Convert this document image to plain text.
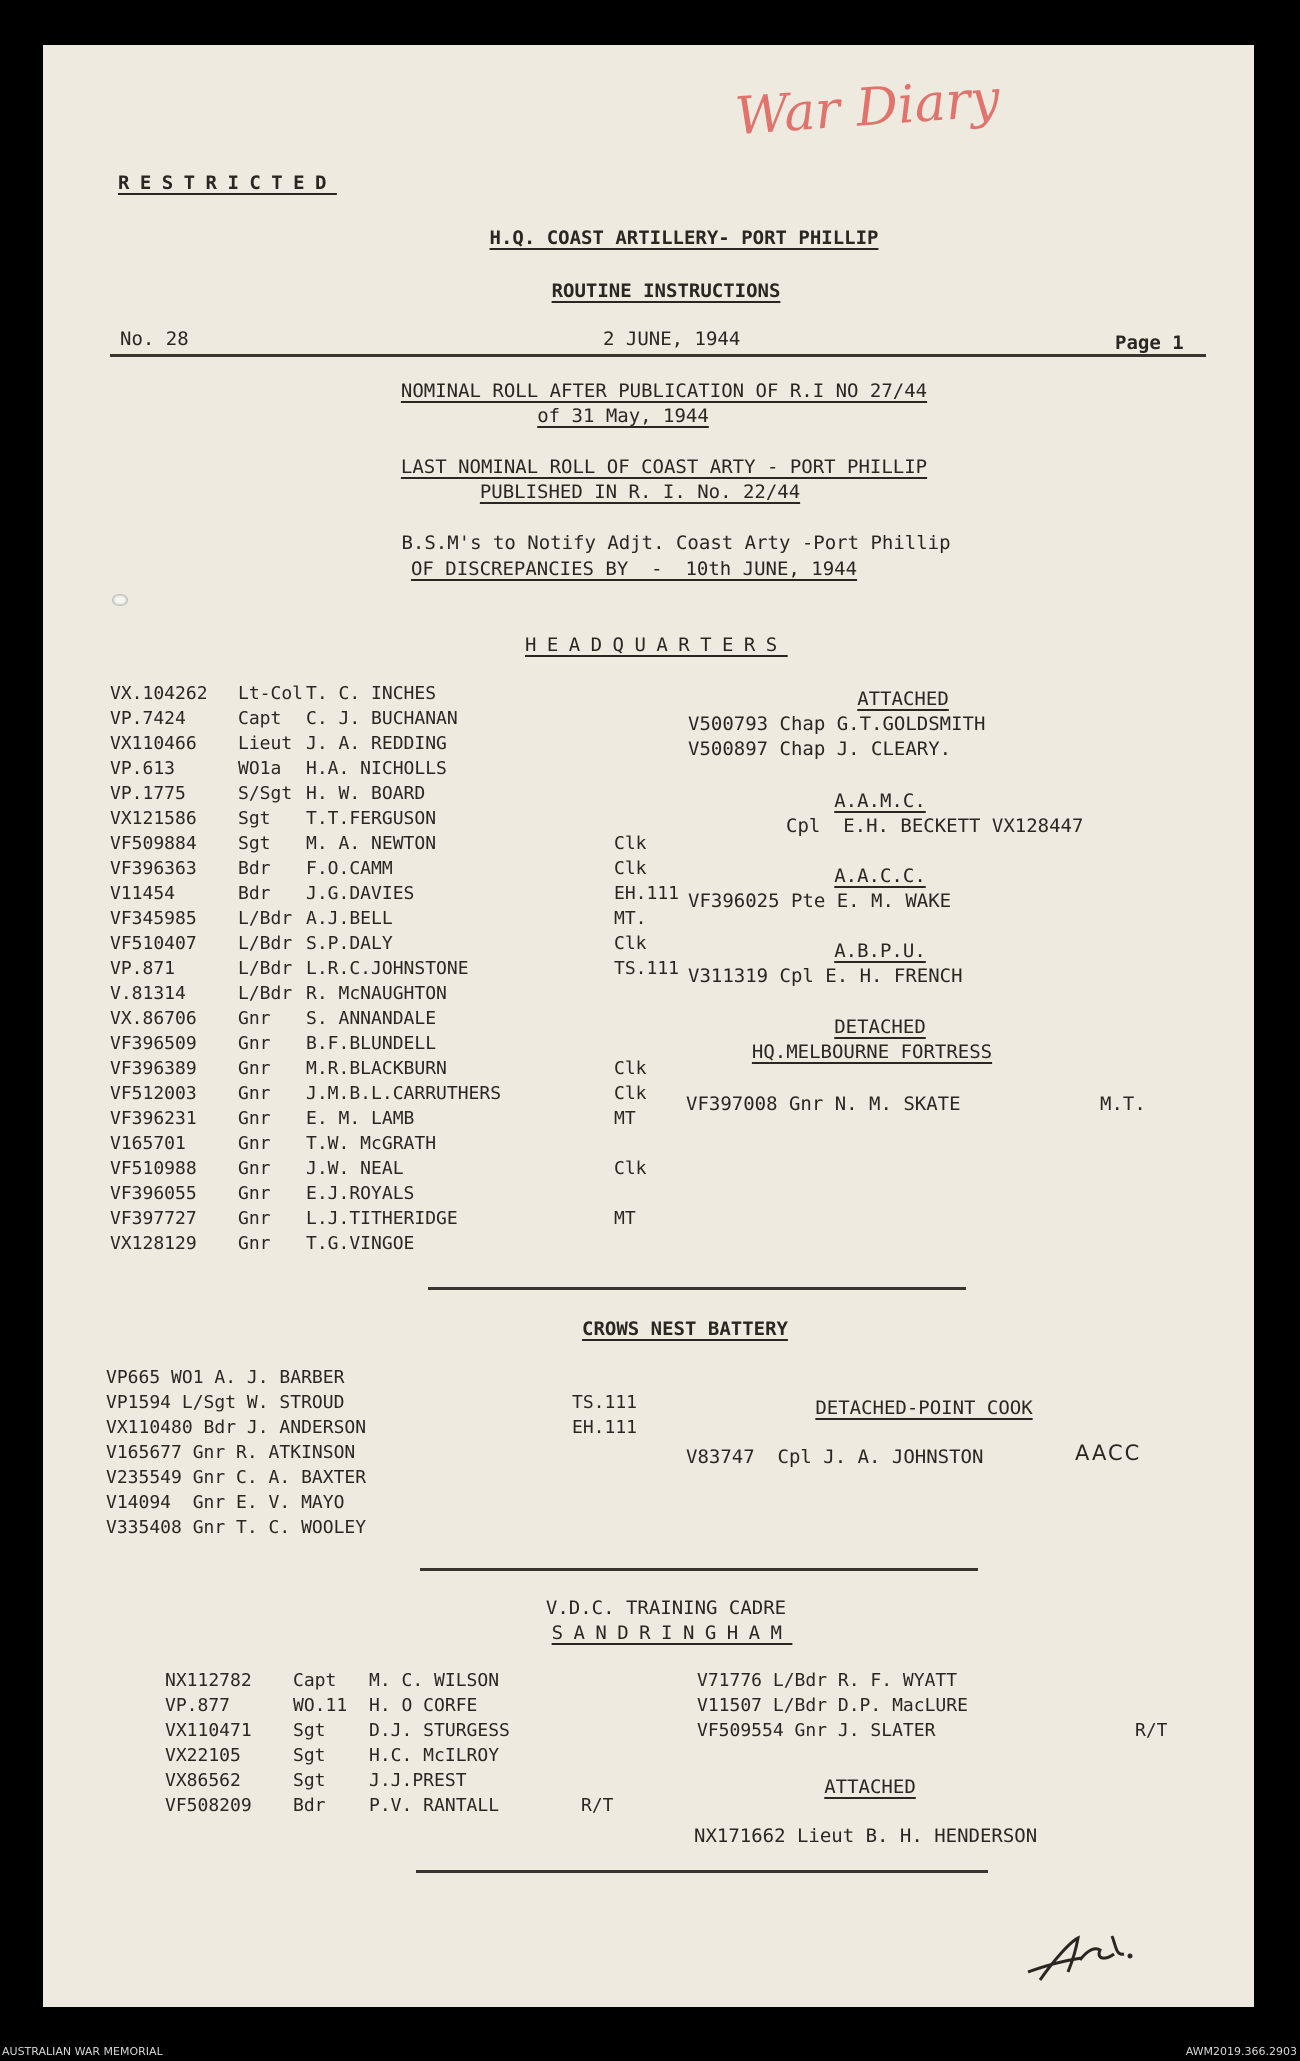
War Diary
RESTRICTED
H.Q. COAST ARTILLERY- PORT PHILLIP
ROUTINE INSTRUCTIONS
No. 28	2 JUNE, 1944	Page 1
NOMINAL ROLL AFTER PUBLICATION OF R.I NO 27/44
of 31 May, 1944
LAST NOMINAL ROLL OF COAST ARTY - PORT PHILLIP
PUBLISHED IN R. I. No. 22/44
B.S.M's to Notify Adjt. Coast Arty -Port Phillip
OF DISCREPANCIES BY  -  10th JUNE, 1944
HEADQUARTERS
VX.104262 Lt-Col T. C. INCHES
VP.7424	Capt C. J. BUCHANAN
VX110466 Lieut J. A. REDDING
VP.613	WO1a H.A. NICHOLLS
VP.1775	S/Sgt H. W. BOARD
VX121586 Sgt T.T.FERGUSON
VF509884 Sgt M. A. NEWTON	Clk
VF396363 Bdr F.O.CAMM	Clk
V11454	Bdr J.G.DAVIES	EH.111
VF345985 L/Bdr A.J.BELL	MT.
VF510407 L/Bdr S.P.DALY	Clk
VP.871	L/Bdr L.R.C.JOHNSTONE	TS.111
V.81314	L/Bdr R. McNAUGHTON
VX.86706 Gnr S. ANNANDALE
VF396509 Gnr B.F.BLUNDELL
VF396389 Gnr M.R.BLACKBURN	Clk
VF512003 Gnr J.M.B.L.CARRUTHERS	Clk
VF396231 Gnr E. M. LAMB	MT
V165701	Gnr T.W. McGRATH
VF510988 Gnr J.W. NEAL	Clk
VF396055 Gnr E.J.ROYALS
VF397727 Gnr L.J.TITHERIDGE	MT
VX128129 Gnr T.G.VINGOE
ATTACHED
V500793 Chap G.T.GOLDSMITH
V500897 Chap J. CLEARY.
A.A.M.C.
Cpl  E.H. BECKETT VX128447
A.A.C.C.
VF396025 Pte E. M. WAKE
A.B.P.U.
V311319 Cpl E. H. FRENCH
DETACHED
HQ.MELBOURNE FORTRESS
VF397008 Gnr N. M. SKATE	M.T.
CROWS NEST BATTERY
VP665 WO1 A. J. BARBER
VP1594 L/Sgt W. STROUD	TS.111
VX110480 Bdr J. ANDERSON	EH.111
V165677 Gnr R. ATKINSON
V235549 Gnr C. A. BAXTER
V14094  Gnr E. V. MAYO
V335408 Gnr T. C. WOOLEY
DETACHED-POINT COOK
V83747  Cpl J. A. JOHNSTON	AACC
V.D.C. TRAINING CADRE
SANDRINGHAM
NX112782 Capt M. C. WILSON
VP.877	WO.11 H. O CORFE
VX110471 Sgt D.J. STURGESS
VX22105	Sgt H.C. McILROY
VX86562	Sgt J.J.PREST
VF508209 Bdr P.V. RANTALL	R/T
V71776 L/Bdr R. F. WYATT
V11507 L/Bdr D.P. MacLURE
VF509554 Gnr J. SLATER	R/T
ATTACHED
NX171662 Lieut B. H. HENDERSON
AUSTRALIAN WAR MEMORIAL	AWM2019.366.2903
